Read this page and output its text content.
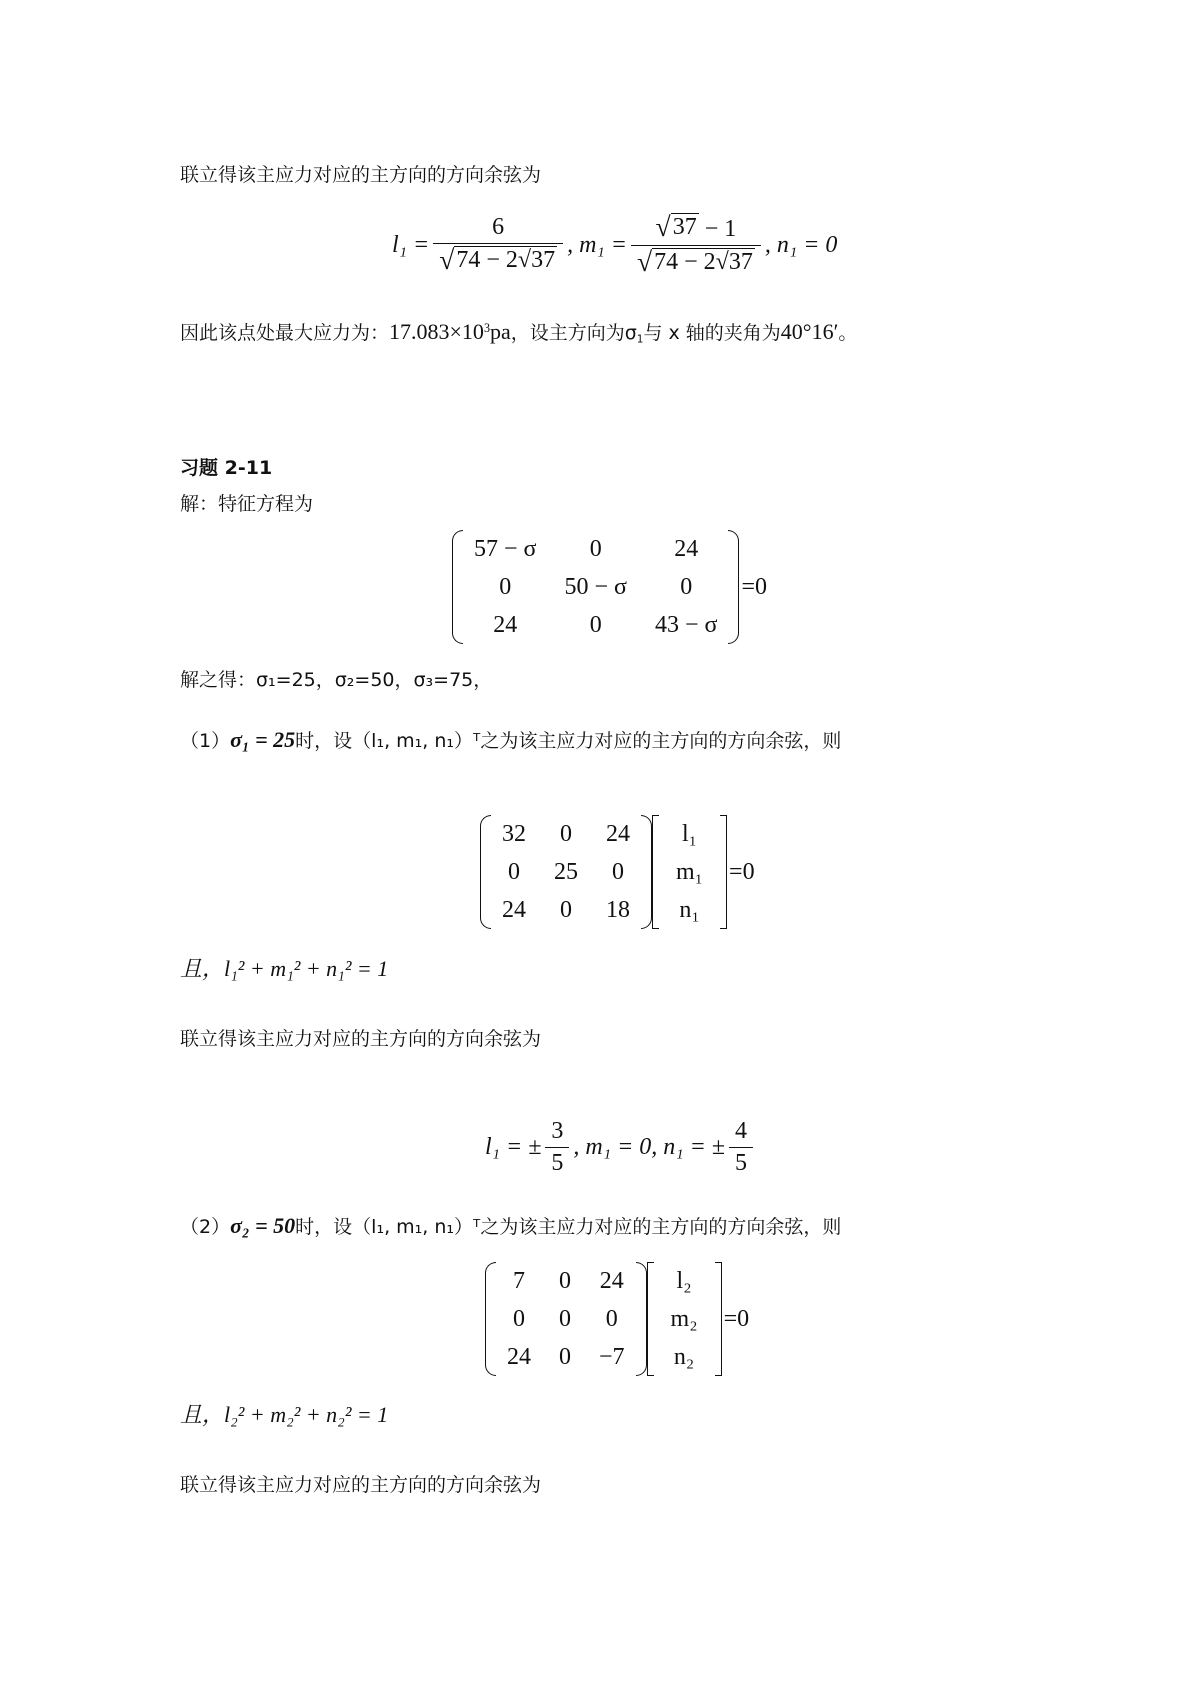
联立得该主应力对应的主方向的方向余弦为
$l_1 = \frac{6}{√ 74 - 2√37}$ , $m_1 = \frac{√ 37 - 1}{√ 74 - 2√37}$ , n₁ = 0
因此该点处最大应力为：$17.083\times 10^3pa$，设主方向为$\sigma_1$与 x 轴的夹角为40°16′。
习题 2-11
解：特征方程为
57 − σ	0	24
0	50 − σ	0
24	0	43 − σ
=0
解之得：σ₁=25，σ₂=50，σ₃=75，
（1）σ₁ = 25时，设（l₁, m₁, n₁）ᵀ之为该主应力对应的主方向的方向余弦，则
32	0	24
0	25	0
24	0	18
l₁
m₁
n₁
=0
且，l₁² + m₁² + n₁² = 1
联立得该主应力对应的主方向的方向余弦为
l₁ = ± $\frac{3}{5}$ , m₁ = 0, n₁ = ± $\frac{4}{5}$
（2）σ₂ = 50时，设（l₁, m₁, n₁）ᵀ之为该主应力对应的主方向的方向余弦，则
7	0	24
0	0	0
24	0	−7
l₂
m₂
n₂
=0
且，l₂² + m₂² + n₂² = 1
联立得该主应力对应的主方向的方向余弦为
